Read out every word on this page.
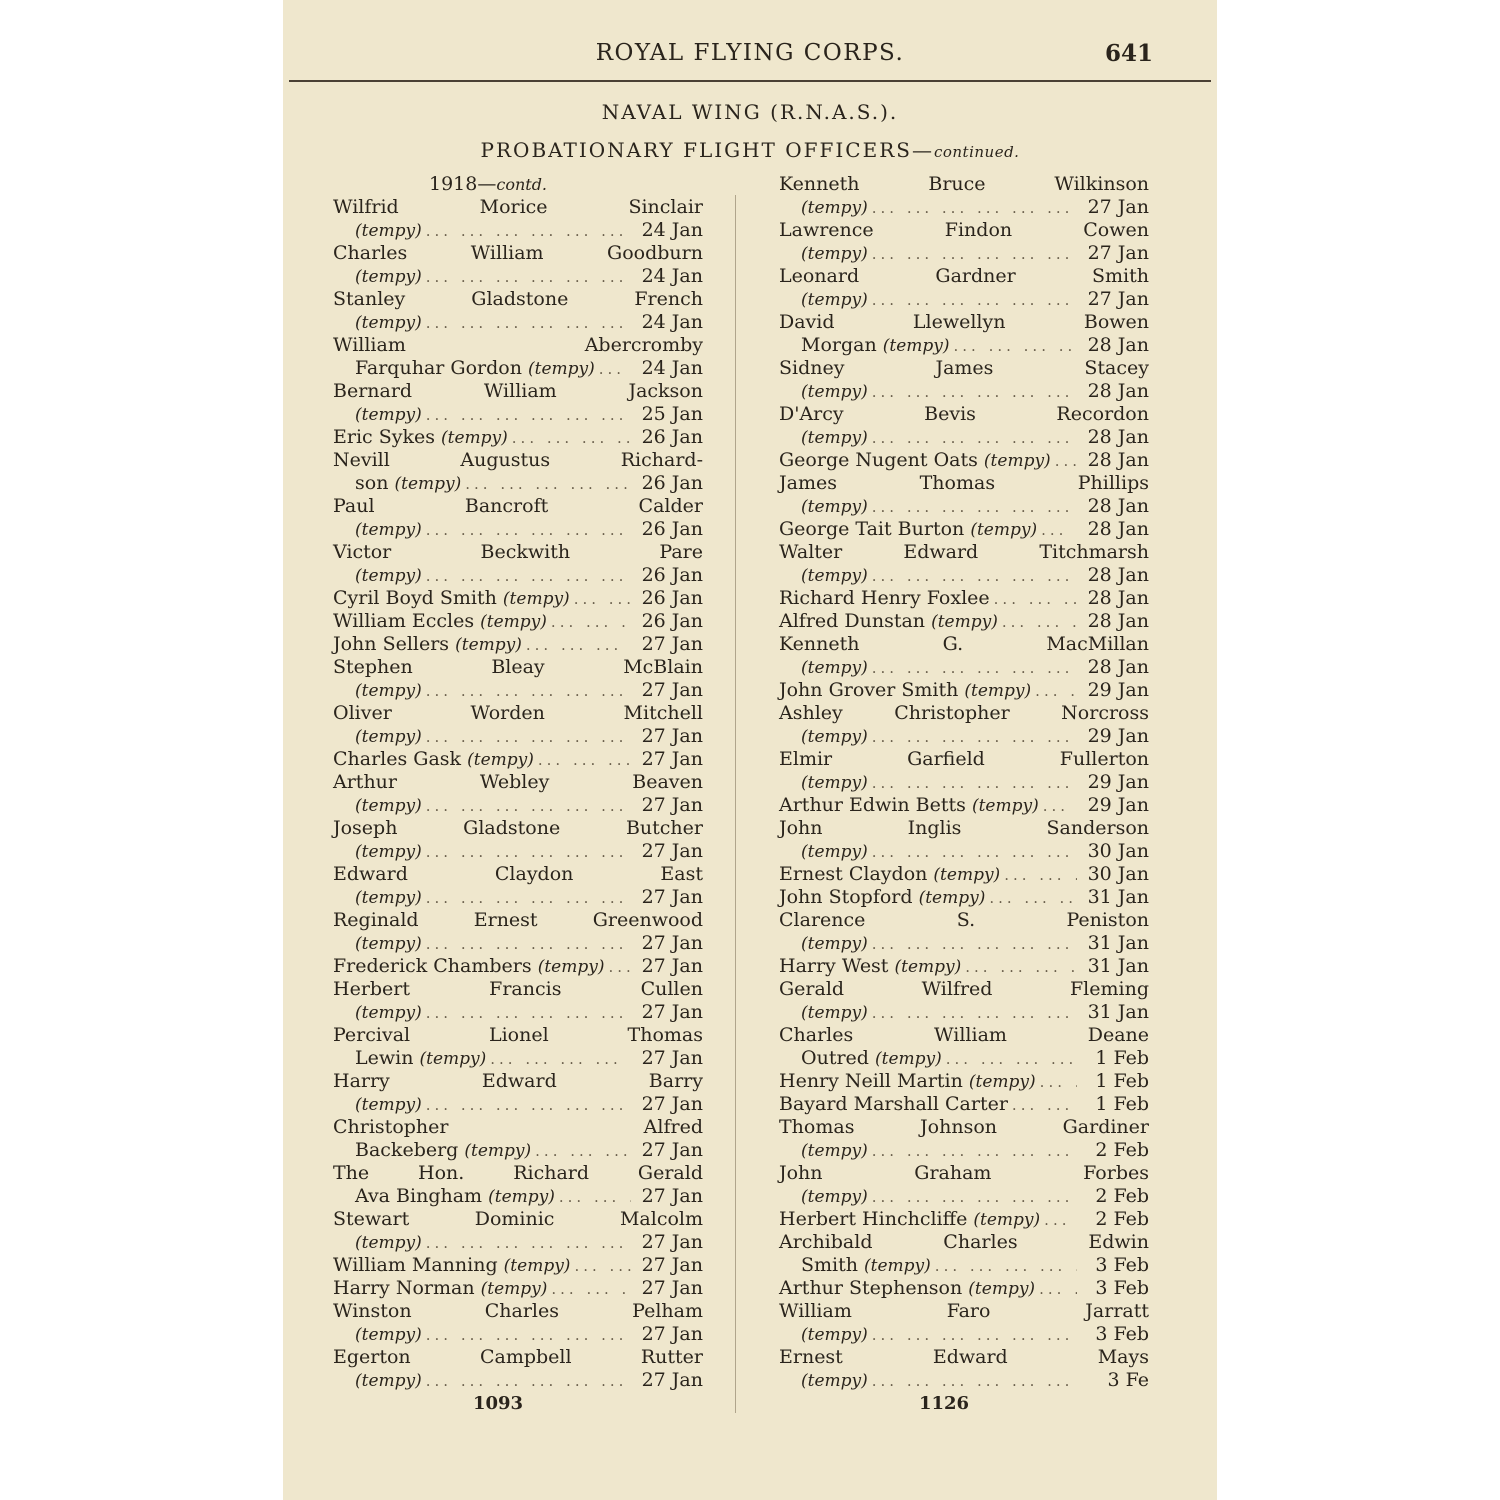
ROYAL FLYING CORPS.	641
NAVAL WING (R.N.A.S.).
PROBATIONARY FLIGHT OFFICERS—continued.
1918—contd.
Wilfrid Morice Sinclair
(tempy) ... .	24 Jan
Charles William Goodburn
(tempy) ... .	24 Jan
Stanley Gladstone French
(tempy) ... .	24 Jan
William Abercromby
Farquhar Gordon (tempy) ... .	24 Jan
Bernard William Jackson
(tempy) ... .	25 Jan
Eric Sykes (tempy) ... .	26 Jan
Nevill Augustus Richard-
son (tempy) ... .	26 Jan
Paul Bancroft Calder
(tempy) ... .	26 Jan
Victor Beckwith Pare
(tempy) ... .	26 Jan
Cyril Boyd Smith (tempy) ... .	26 Jan
William Eccles (tempy) ... .	26 Jan
John Sellers (tempy) ... .	27 Jan
Stephen Bleay McBlain
(tempy) ... .	27 Jan
Oliver Worden Mitchell
(tempy) ... .	27 Jan
Charles Gask (tempy) ... .	27 Jan
Arthur Webley Beaven
(tempy) ... .	27 Jan
Joseph Gladstone Butcher
(tempy) ... .	27 Jan
Edward Claydon East
(tempy) ... .	27 Jan
Reginald Ernest Greenwood
(tempy) ... .	27 Jan
Frederick Chambers (tempy) ... .	27 Jan
Herbert Francis Cullen
(tempy) ... .	27 Jan
Percival Lionel Thomas
Lewin (tempy) ... .	27 Jan
Harry Edward Barry
(tempy) ... .	27 Jan
Christopher Alfred
Backeberg (tempy) ... .	27 Jan
The Hon. Richard Gerald
Ava Bingham (tempy) ... .	27 Jan
Stewart Dominic Malcolm
(tempy) ... .	27 Jan
William Manning (tempy) ... .	27 Jan
Harry Norman (tempy) ... .	27 Jan
Winston Charles Pelham
(tempy) ... .	27 Jan
Egerton Campbell Rutter
(tempy) ... .	27 Jan
1093
Kenneth Bruce Wilkinson
(tempy) ... .	27 Jan
Lawrence Findon Cowen
(tempy) ... .	27 Jan
Leonard Gardner Smith
(tempy) ... .	27 Jan
David Llewellyn Bowen
Morgan (tempy) ... .	28 Jan
Sidney James Stacey
(tempy) ... .	28 Jan
D'Arcy Bevis Recordon
(tempy) ... .	28 Jan
George Nugent Oats (tempy) ... .	28 Jan
James Thomas Phillips
(tempy) ... .	28 Jan
George Tait Burton (tempy) ... .	28 Jan
Walter Edward Titchmarsh
(tempy) ... .	28 Jan
Richard Henry Foxlee ... .	28 Jan
Alfred Dunstan (tempy) ... .	28 Jan
Kenneth G. MacMillan
(tempy) ... .	28 Jan
John Grover Smith (tempy) ... .	29 Jan
Ashley Christopher Norcross
(tempy) ... .	29 Jan
Elmir Garfield Fullerton
(tempy) ... .	29 Jan
Arthur Edwin Betts (tempy) ... .	29 Jan
John Inglis Sanderson
(tempy) ... .	30 Jan
Ernest Claydon (tempy) ... .	30 Jan
John Stopford (tempy) ... .	31 Jan
Clarence S. Peniston
(tempy) ... .	31 Jan
Harry West (tempy) ... .	31 Jan
Gerald Wilfred Fleming
(tempy) ... .	31 Jan
Charles William Deane
Outred (tempy) ... .	1 Feb
Henry Neill Martin (tempy) ... .	1 Feb
Bayard Marshall Carter ... .	1 Feb
Thomas Johnson Gardiner
(tempy) ... .	2 Feb
John Graham Forbes
(tempy) ... .	2 Feb
Herbert Hinchcliffe (tempy) ... .	2 Feb
Archibald Charles Edwin
Smith (tempy) ... .	3 Feb
Arthur Stephenson (tempy) ... .	3 Feb
William Faro Jarratt
(tempy) ... .	3 Feb
Ernest Edward Mays
(tempy) ... .	3 Fe
1126
